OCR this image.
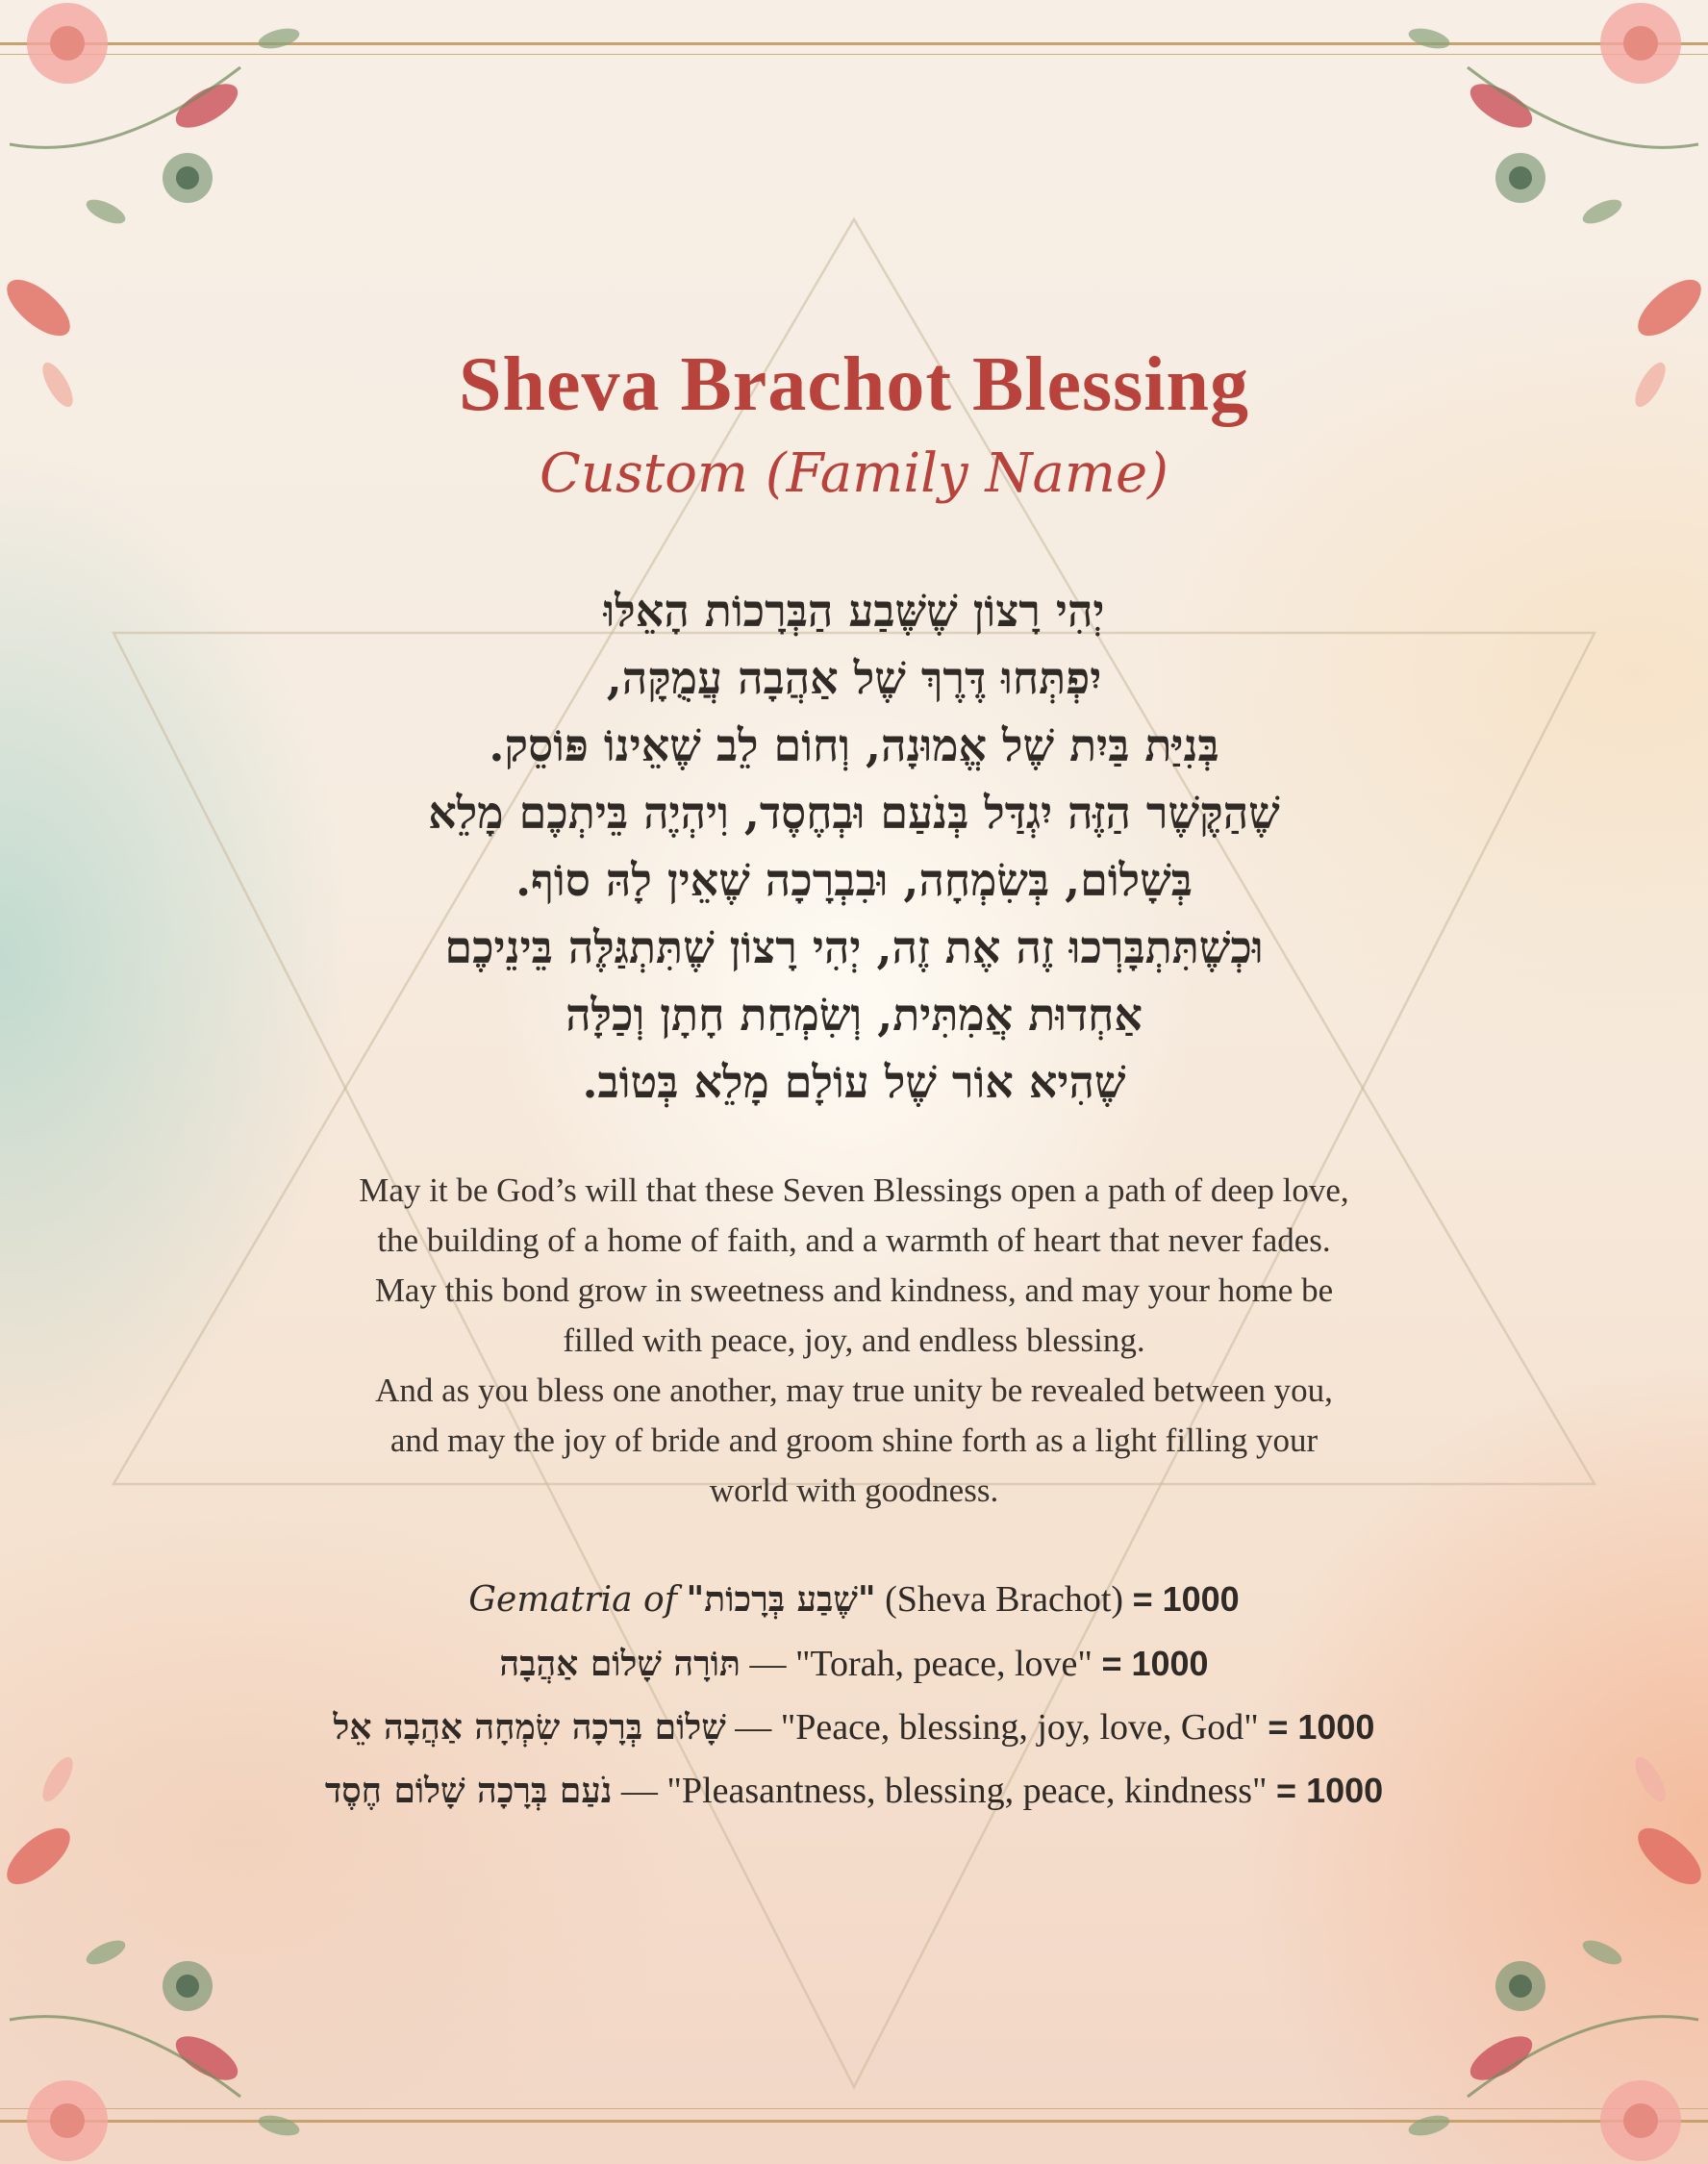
Sheva Brachot Blessing
Custom (Family Name)
יְהִי רָצוֹן שֶׁשֶּׁבַע הַבְּרָכוֹת הָאֵלּוּ
יִפְתְּחוּ דֶּרֶךְ שֶׁל אַהֲבָה עֲמֻקָּה,
בְּנִיַּת בַּיִת שֶׁל אֱמוּנָה, וְחוֹם לֵב שֶׁאֵינוֹ פּוֹסֵק.
שֶׁהַקֶּשֶׁר הַזֶּה יִגְדַּל בְּנֹעַם וּבְחֶסֶד, וִיהְיֶה בֵּיתְכֶם מָלֵא
בְּשָׁלוֹם, בְּשִׂמְחָה, וּבִבְרָכָה שֶׁאֵין לָהּ סוֹף.
וּכְשֶׁתִּתְבָּרְכוּ זֶה אֶת זֶה, יְהִי רָצוֹן שֶׁתִּתְגַּלֶּה בֵּינֵיכֶם
אַחְדוּת אֲמִתִּית, וְשִׂמְחַת חָתָן וְכַלָּה
שֶׁהִיא אוֹר שֶׁל עוֹלָם מָלֵא בְּטוֹב.
May it be God’s will that these Seven Blessings open a path of deep love,
the building of a home of faith, and a warmth of heart that never fades.
May this bond grow in sweetness and kindness, and may your home be
filled with peace, joy, and endless blessing.
And as you bless one another, may true unity be revealed between you,
and may the joy of bride and groom shine forth as a light filling your
world with goodness.
Gematria of "שֶׁבַע בְּרָכוֹת" (Sheva Brachot) = 1000
תּוֹרָה שָׁלוֹם אַהֲבָה — "Torah, peace, love" = 1000
שָׁלוֹם בְּרָכָה שִׂמְחָה אַהֲבָה אֵל — "Peace, blessing, joy, love, God" = 1000
נֹעַם בְּרָכָה שָׁלוֹם חֶסֶד — "Pleasantness, blessing, peace, kindness" = 1000
